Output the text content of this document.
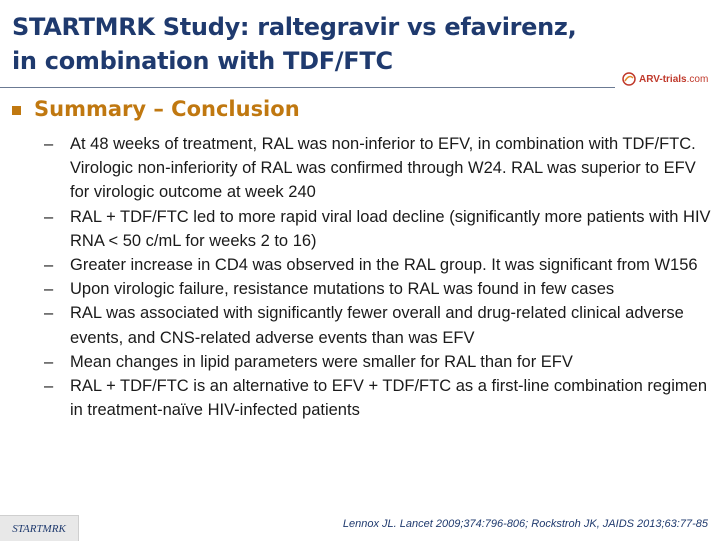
STARTMRK Study: raltegravir vs efavirenz,
in combination with TDF/FTC
ARV-trials.com
Summary – Conclusion
– At 48 weeks of treatment, RAL was non-inferior to EFV, in combination with TDF/FTC. Virologic non-inferiority of RAL was confirmed through W24. RAL was superior to EFV for virologic outcome at week 240
– RAL + TDF/FTC led to more rapid viral load decline (significantly more patients with HIV RNA < 50 c/mL for weeks 2 to 16)
– Greater increase in CD4 was observed in the RAL group. It was significant from W156
– Upon virologic failure, resistance mutations to RAL was found in few cases
– RAL was associated with significantly fewer overall and drug-related clinical adverse events, and CNS-related adverse events than was EFV
– Mean changes in lipid parameters were smaller for RAL than for EFV
– RAL + TDF/FTC is an alternative to EFV + TDF/FTC as a first-line combination regimen in treatment-naïve HIV-infected patients
STARTMRK	Lennox JL. Lancet 2009;374:796-806; Rockstroh JK, JAIDS 2013;63:77-85
